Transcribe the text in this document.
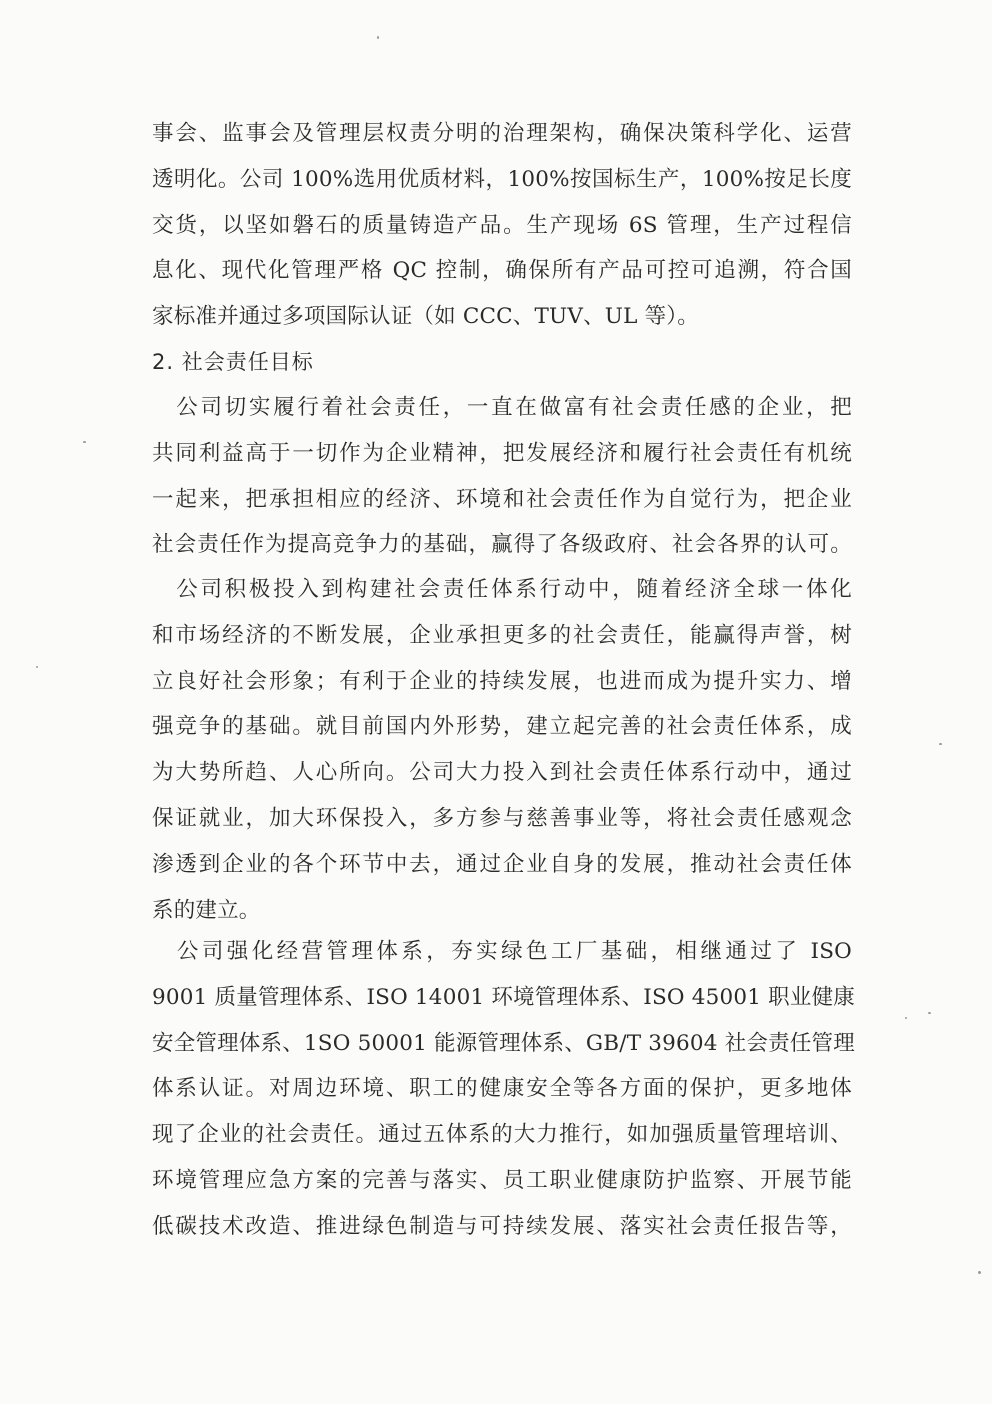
事会、监事会及管理层权责分明的治理架构，确保决策科学化、运营
透明化。公司 100%选用优质材料，100%按国标生产，100%按足长度
交货，以坚如磐石的质量铸造产品。生产现场 6S 管理，生产过程信
息化、现代化管理严格 QC 控制，确保所有产品可控可追溯，符合国
家标准并通过多项国际认证（如 CCC、TUV、UL 等）。
2. 社会责任目标
　公司切实履行着社会责任，一直在做富有社会责任感的企业，把
共同利益高于一切作为企业精神，把发展经济和履行社会责任有机统
一起来，把承担相应的经济、环境和社会责任作为自觉行为，把企业
社会责任作为提高竞争力的基础，赢得了各级政府、社会各界的认可。
　公司积极投入到构建社会责任体系行动中，随着经济全球一体化
和市场经济的不断发展，企业承担更多的社会责任，能赢得声誉，树
立良好社会形象；有利于企业的持续发展，也进而成为提升实力、增
强竞争的基础。就目前国内外形势，建立起完善的社会责任体系，成
为大势所趋、人心所向。公司大力投入到社会责任体系行动中，通过
保证就业，加大环保投入，多方参与慈善事业等，将社会责任感观念
渗透到企业的各个环节中去，通过企业自身的发展，推动社会责任体
系的建立。
　公司强化经营管理体系，夯实绿色工厂基础，相继通过了 ISO
9001 质量管理体系、ISO 14001 环境管理体系、ISO 45001 职业健康
安全管理体系、1SO 50001 能源管理体系、GB/T 39604 社会责任管理
体系认证。对周边环境、职工的健康安全等各方面的保护，更多地体
现了企业的社会责任。通过五体系的大力推行，如加强质量管理培训、
环境管理应急方案的完善与落实、员工职业健康防护监察、开展节能
低碳技术改造、推进绿色制造与可持续发展、落实社会责任报告等，
